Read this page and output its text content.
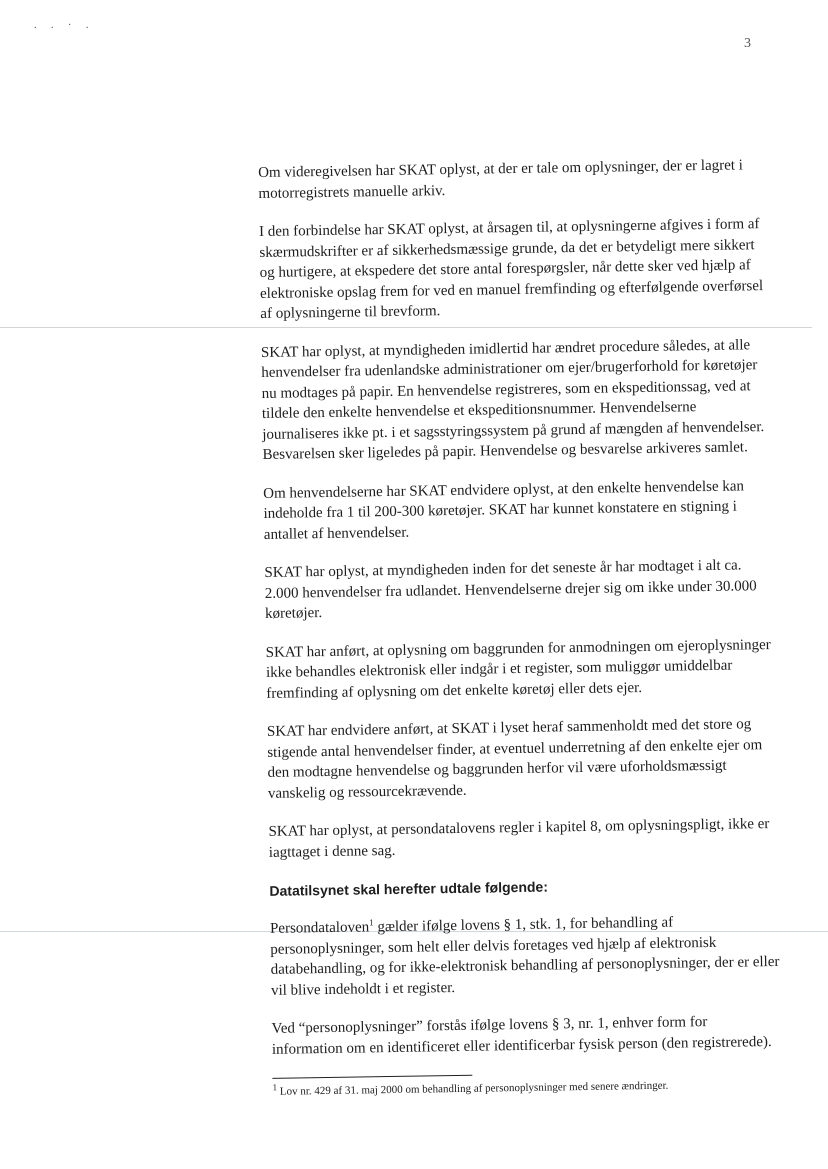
. . · .
3

Om videregivelsen har SKAT oplyst, at der er tale om oplysninger, der er lagret i motorregistrets manuelle arkiv.

I den forbindelse har SKAT oplyst, at årsagen til, at oplysningerne afgives i form af skærmudskrifter er af sikkerhedsmæssige grunde, da det er betydeligt mere sikkert og hurtigere, at ekspedere det store antal forespørgsler, når dette sker ved hjælp af elektroniske opslag frem for ved en manuel fremfinding og efterfølgende overførsel af oplysningerne til brevform.

SKAT har oplyst, at myndigheden imidlertid har ændret procedure således, at alle henvendelser fra udenlandske administrationer om ejer/brugerforhold for køretøjer nu modtages på papir. En henvendelse registreres, som en ekspeditionssag, ved at tildele den enkelte henvendelse et ekspeditionsnummer. Henvendelserne journaliseres ikke pt. i et sagsstyringssystem på grund af mængden af henvendelser. Besvarelsen sker ligeledes på papir. Henvendelse og besvarelse arkiveres samlet.

Om henvendelserne har SKAT endvidere oplyst, at den enkelte henvendelse kan indeholde fra 1 til 200-300 køretøjer. SKAT har kunnet konstatere en stigning i antallet af henvendelser.

SKAT har oplyst, at myndigheden inden for det seneste år har modtaget i alt ca. 2.000 henvendelser fra udlandet. Henvendelserne drejer sig om ikke under 30.000 køretøjer.

SKAT har anført, at oplysning om baggrunden for anmodningen om ejeroplysninger ikke behandles elektronisk eller indgår i et register, som muliggør umiddelbar fremfinding af oplysning om det enkelte køretøj eller dets ejer.

SKAT har endvidere anført, at SKAT i lyset heraf sammenholdt med det store og stigende antal henvendelser finder, at eventuel underretning af den enkelte ejer om den modtagne henvendelse og baggrunden herfor vil være uforholdsmæssigt vanskelig og ressourcekrævende.

SKAT har oplyst, at persondatalovens regler i kapitel 8, om oplysningspligt, ikke er iagttaget i denne sag.

Datatilsynet skal herefter udtale følgende:

Persondataloven$^1$ gælder ifølge lovens § 1, stk. 1, for behandling af personoplysninger, som helt eller delvis foretages ved hjælp af elektronisk databehandling, og for ikke-elektronisk behandling af personoplysninger, der er eller vil blive indeholdt i et register.

Ved “personoplysninger” forstås ifølge lovens § 3, nr. 1, enhver form for information om en identificeret eller identificerbar fysisk person (den registrerede).

$^1$ Lov nr. 429 af 31. maj 2000 om behandling af personoplysninger med senere ændringer.
